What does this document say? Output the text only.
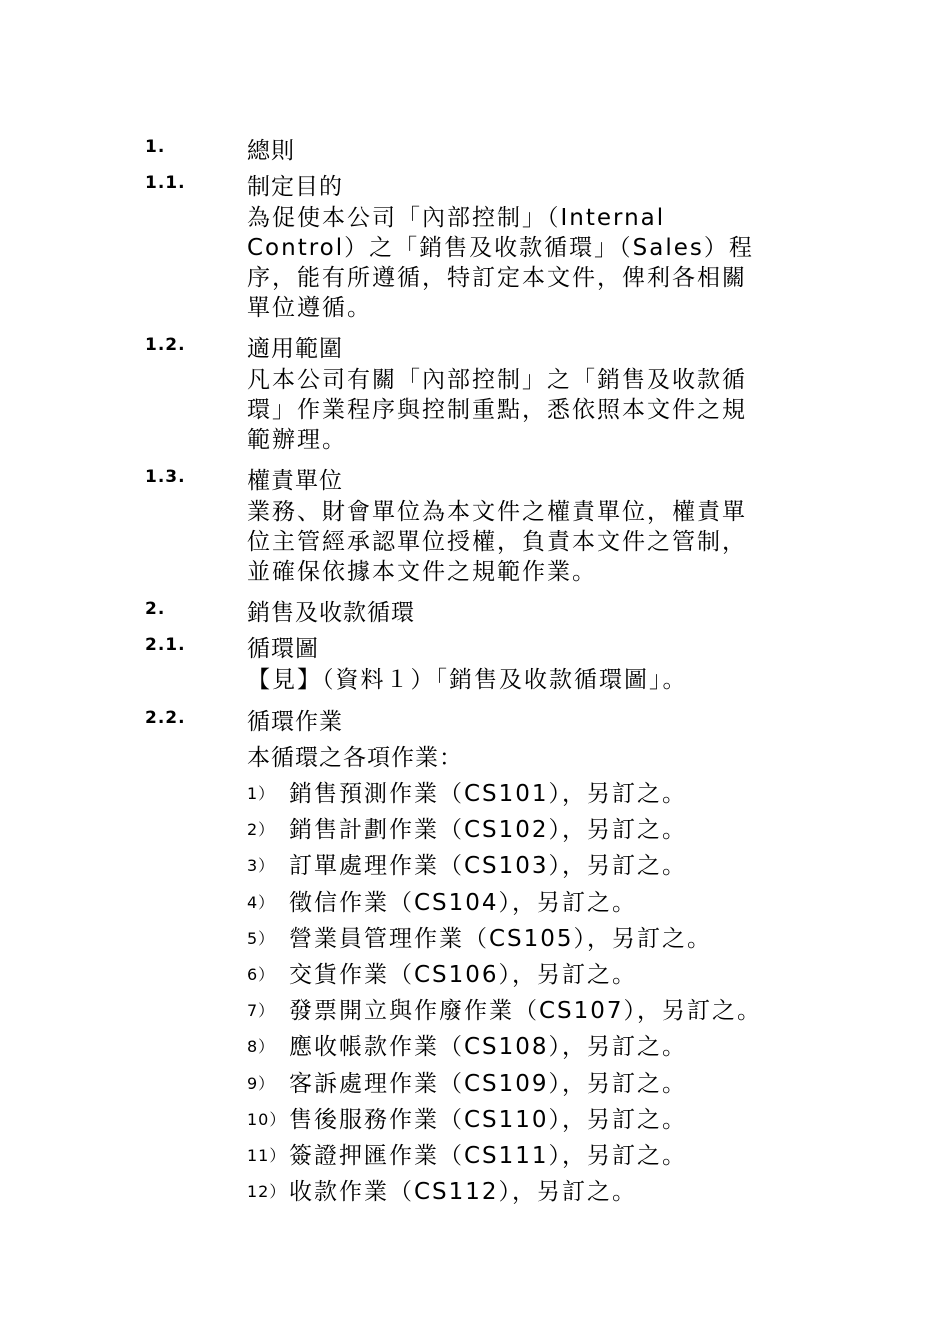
1.	總則
1.1.	制定目的
為促使本公司「內部控制」（Internal
Control）之「銷售及收款循環」（Sales）程
序，能有所遵循，特訂定本文件，俾利各相關
單位遵循。
1.2.	適用範圍
凡本公司有關「內部控制」之「銷售及收款循
環」作業程序與控制重點，悉依照本文件之規
範辦理。
1.3.	權責單位
業務、財會單位為本文件之權責單位，權責單
位主管經承認單位授權，負責本文件之管制，
並確保依據本文件之規範作業。
2.	銷售及收款循環
2.1.	循環圖
【見】（資料１）「銷售及收款循環圖」。
2.2.	循環作業
本循環之各項作業：
1） 銷售預測作業（CS101），另訂之。
2） 銷售計劃作業（CS102），另訂之。
3） 訂單處理作業（CS103），另訂之。
4） 徵信作業（CS104），另訂之。
5） 營業員管理作業（CS105），另訂之。
6） 交貨作業（CS106），另訂之。
7） 發票開立與作廢作業（CS107），另訂之。
8） 應收帳款作業（CS108），另訂之。
9） 客訴處理作業（CS109），另訂之。
10） 售後服務作業（CS110），另訂之。
11） 簽證押匯作業（CS111），另訂之。
12） 收款作業（CS112），另訂之。
